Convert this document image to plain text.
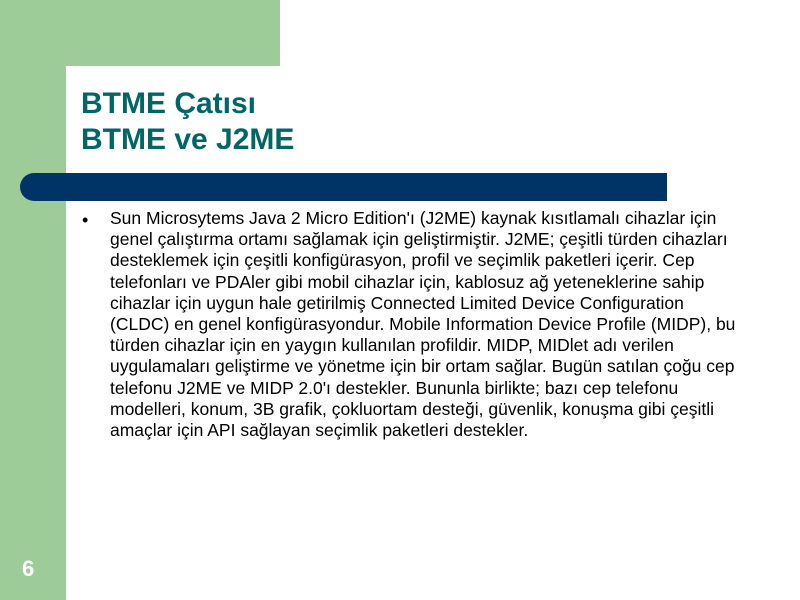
BTME Çatısı
BTME ve J2ME
• Sun Microsytems Java 2 Micro Edition'ı (J2ME) kaynak kısıtlamalı cihazlar için genel çalıştırma ortamı sağlamak için geliştirmiştir. J2ME; çeşitli türden cihazları desteklemek için çeşitli konfigürasyon, profil ve seçimlik paketleri içerir. Cep telefonları ve PDAler gibi mobil cihazlar için, kablosuz ağ yeteneklerine sahip cihazlar için uygun hale getirilmiş Connected Limited Device Configuration (CLDC) en genel konfigürasyondur. Mobile Information Device Profile (MIDP), bu türden cihazlar için en yaygın kullanılan profildir. MIDP, MIDlet adı verilen uygulamaları geliştirme ve yönetme için bir ortam sağlar. Bugün satılan çoğu cep telefonu J2ME ve MIDP 2.0'ı destekler. Bununla birlikte; bazı cep telefonu modelleri, konum, 3B grafik, çokluortam desteği, güvenlik, konuşma gibi çeşitli amaçlar için API sağlayan seçimlik paketleri destekler.

6
